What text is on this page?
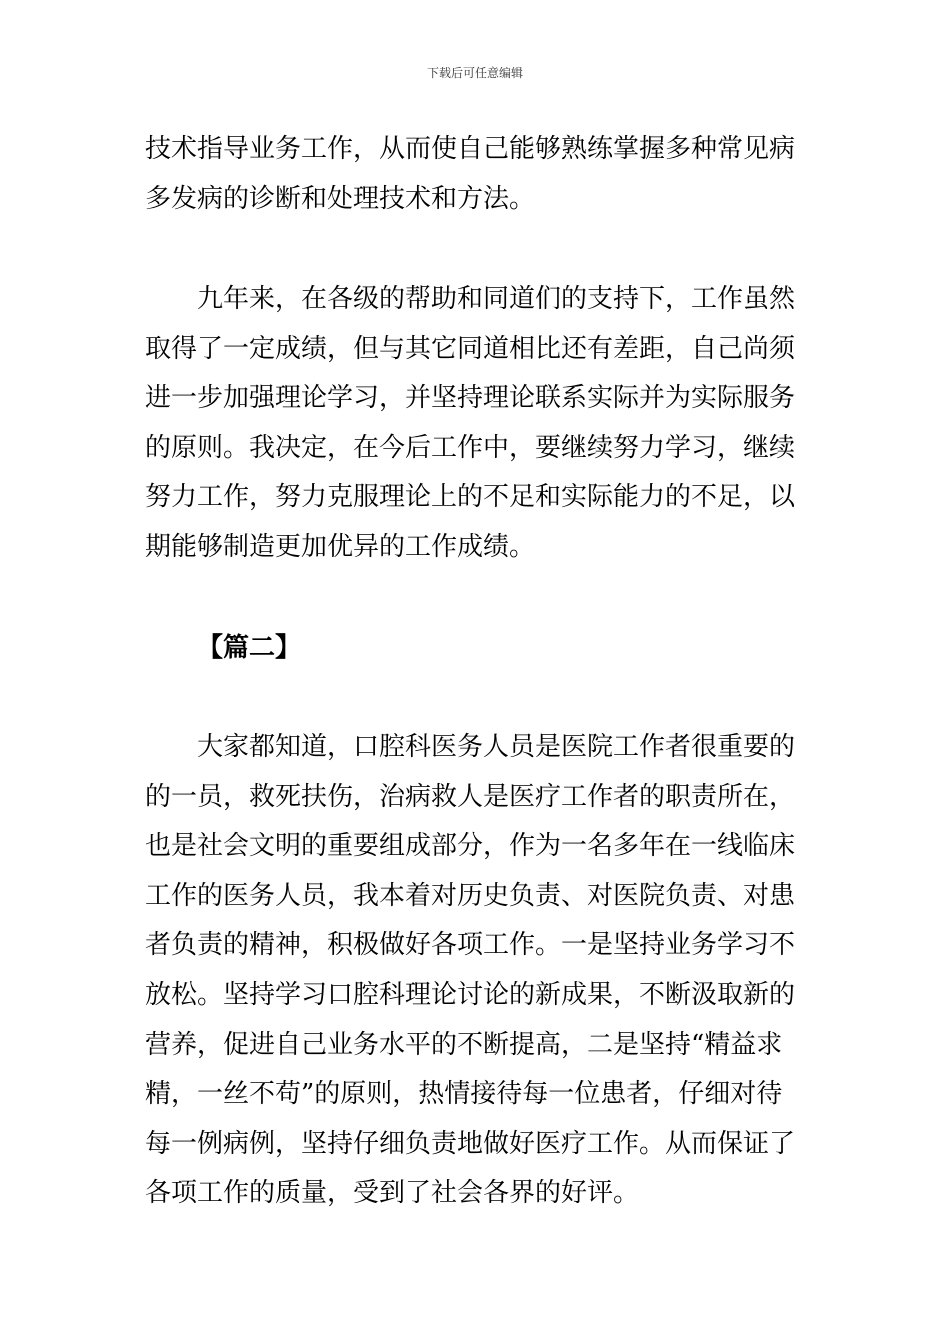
下载后可任意编辑
技术指导业务工作，从而使自己能够熟练掌握多种常见病
多发病的诊断和处理技术和方法。
　　九年来，在各级的帮助和同道们的支持下，工作虽然
取得了一定成绩，但与其它同道相比还有差距，自己尚须
进一步加强理论学习，并坚持理论联系实际并为实际服务
的原则。我决定，在今后工作中，要继续努力学习，继续
努力工作，努力克服理论上的不足和实际能力的不足，以
期能够制造更加优异的工作成绩。
【篇二】
　　大家都知道，口腔科医务人员是医院工作者很重要的
的一员，救死扶伤，治病救人是医疗工作者的职责所在，
也是社会文明的重要组成部分，作为一名多年在一线临床
工作的医务人员，我本着对历史负责、对医院负责、对患
者负责的精神，积极做好各项工作。一是坚持业务学习不
放松。坚持学习口腔科理论讨论的新成果，不断汲取新的
营养，促进自己业务水平的不断提高，二是坚持“精益求
精，一丝不苟”的原则，热情接待每一位患者，仔细对待
每一例病例，坚持仔细负责地做好医疗工作。从而保证了
各项工作的质量，受到了社会各界的好评。
